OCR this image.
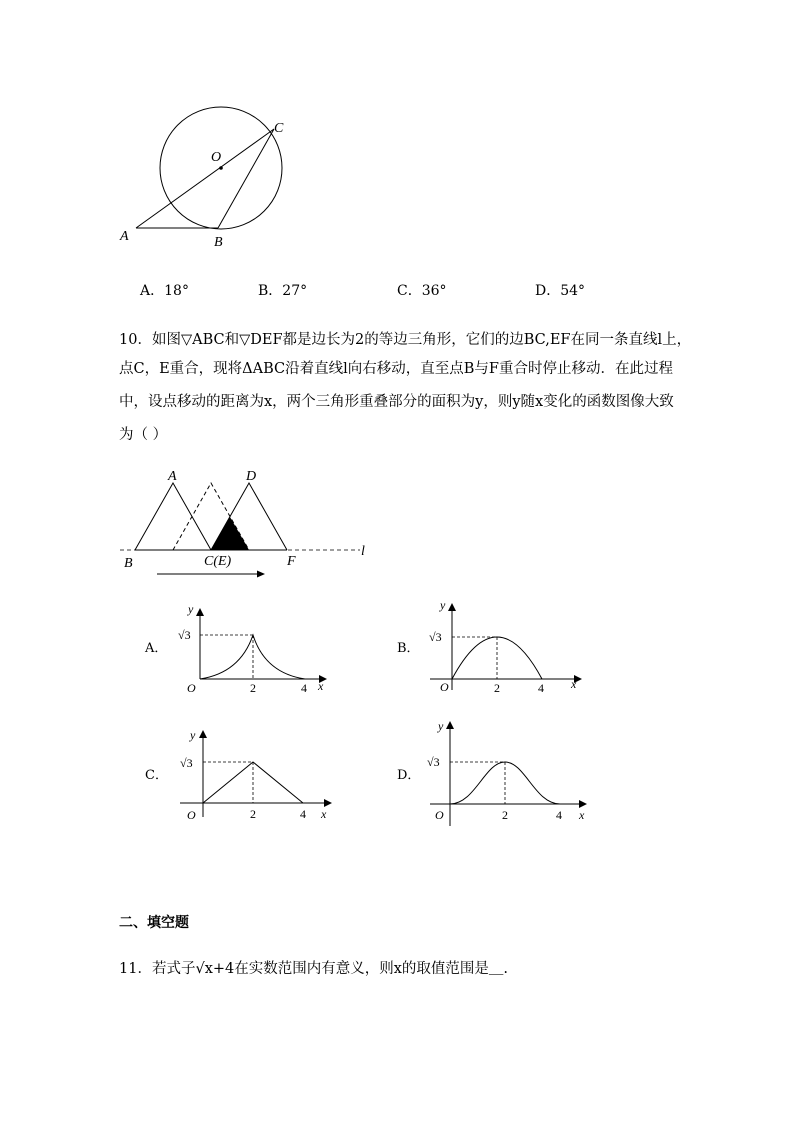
O
C
A	B
A．18°	B．27°	C．36°	D．54°
10．如图▽ABC和▽DEF都是边长为2的等边三角形，它们的边BC,EF在同一条直线l上，
点C，E重合，现将ΔABC沿着直线l向右移动，直至点B与F重合时停止移动．在此过程
中，设点移动的距离为x，两个三角形重叠部分的面积为y，则y随x变化的函数图像大致
为（ ）
A	D
B	C(E)	F
l
A．
y
√3
O	2	4 x
B．
y
√3
O	2	4 x
C．
y
√3
O	2	4 x
D．
y
√3
O	2	4 x
二、填空题
11．若式子√x+4在实数范围内有意义，则x的取值范围是＿.
